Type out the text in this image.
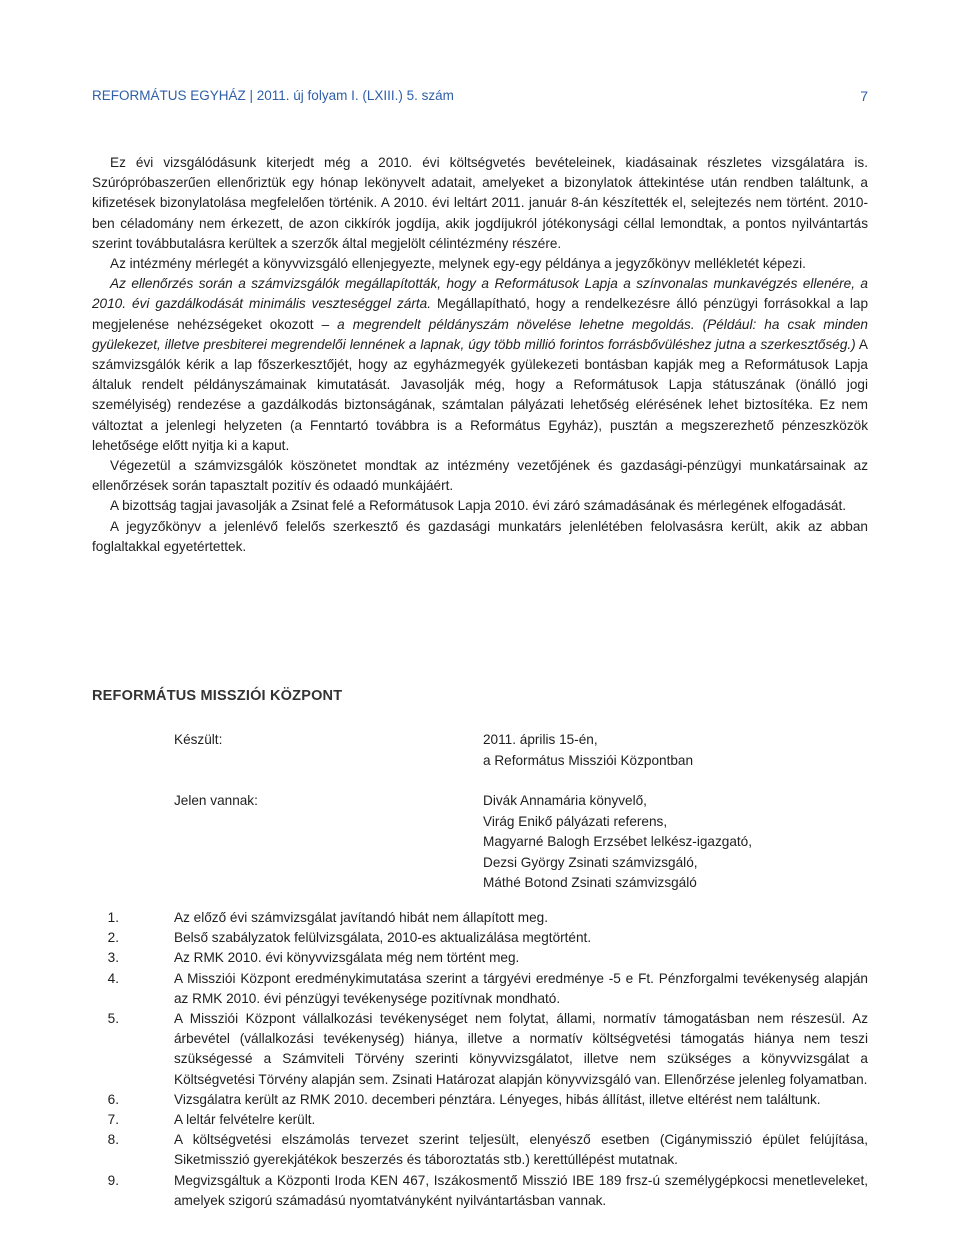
REFORMÁTUS EGYHÁZ | 2011. új folyam I. (LXIII.) 5. szám	7

Ez évi vizsgálódásunk kiterjedt még a 2010. évi költségvetés bevételeinek, kiadásainak részletes vizsgálatára is. Szúrópróbaszerűen ellenőriztük egy hónap lekönyvelt adatait, amelyeket a bizonylatok áttekintése után rendben találtunk, a kifizetések bizonylatolása megfelelően történik. A 2010. évi leltárt 2011. január 8-án készítették el, selejtezés nem történt. 2010-ben céladomány nem érkezett, de azon cikkírók jogdíja, akik jogdíjukról jótékonysági céllal lemondtak, a pontos nyilvántartás szerint továbbutalásra kerültek a szerzők által megjelölt célintézmény részére.

Az intézmény mérlegét a könyvvizsgáló ellenjegyezte, melynek egy-egy példánya a jegyzőkönyv mellékletét képezi.

Az ellenőrzés során a számvizsgálók megállapították, hogy a Reformátusok Lapja a színvonalas munkavégzés ellenére, a 2010. évi gazdálkodását minimális veszteséggel zárta. Megállapítható, hogy a rendelkezésre álló pénzügyi forrásokkal a lap megjelenése nehézségeket okozott – a megrendelt példányszám növelése lehetne megoldás. (Például: ha csak minden gyülekezet, illetve presbiterei megrendelői lennének a lapnak, úgy több millió forintos forrásbővüléshez jutna a szerkesztőség.) A számvizsgálók kérik a lap főszerkesztőjét, hogy az egyházmegyék gyülekezeti bontásban kapják meg a Reformátusok Lapja általuk rendelt példányszámainak kimutatását. Javasolják még, hogy a Reformátusok Lapja státuszának (önálló jogi személyiség) rendezése a gazdálkodás biztonságának, számtalan pályázati lehetőség elérésének lehet biztosítéka. Ez nem változtat a jelenlegi helyzeten (a Fenntartó továbbra is a Református Egyház), pusztán a megszerezhető pénzeszközök lehetősége előtt nyitja ki a kaput.

Végezetül a számvizsgálók köszönetet mondtak az intézmény vezetőjének és gazdasági-pénzügyi munkatársainak az ellenőrzések során tapasztalt pozitív és odaadó munkájáért.

A bizottság tagjai javasolják a Zsinat felé a Reformátusok Lapja 2010. évi záró számadásának és mérlegének elfogadását.

A jegyzőkönyv a jelenlévő felelős szerkesztő és gazdasági munkatárs jelenlétében felolvasásra került, akik az abban foglaltakkal egyetértettek.

REFORMÁTUS MISSZIÓI KÖZPONT
Készült:	2011. április 15-én,
a Református Missziói Központban
Jelen vannak:	Divák Annamária könyvelő,
Virág Enikő pályázati referens,
Magyarné Balogh Erzsébet lelkész-igazgató,
Dezsi György Zsinati számvizsgáló,
Máthé Botond Zsinati számvizsgáló
1.	Az előző évi számvizsgálat javítandó hibát nem állapított meg.
2.	Belső szabályzatok felülvizsgálata, 2010-es aktualizálása megtörtént.
3.	Az RMK 2010. évi könyvvizsgálata még nem történt meg.
4.	A Missziói Központ eredménykimutatása szerint a tárgyévi eredménye -5 e Ft. Pénzforgalmi tevékenység alapján az RMK 2010. évi pénzügyi tevékenysége pozitívnak mondható.
5.	A Missziói Központ vállalkozási tevékenységet nem folytat, állami, normatív támogatásban nem részesül. Az árbevétel (vállalkozási tevékenység) hiánya, illetve a normatív költségvetési támogatás hiánya nem teszi szükségessé a Számviteli Törvény szerinti könyvvizsgálatot, illetve nem szükséges a könyvvizsgálat a Költségvetési Törvény alapján sem. Zsinati Határozat alapján könyvvizsgáló van. Ellenőrzése jelenleg folyamatban.
6.	Vizsgálatra került az RMK 2010. decemberi pénztára. Lényeges, hibás állítást, illetve eltérést nem találtunk.
7.	A leltár felvételre került.
8.	A költségvetési elszámolás tervezet szerint teljesült, elenyésző esetben (Cigánymisszió épület felújítása, Siketmisszió gyerekjátékok beszerzés és táboroztatás stb.) kerettúllépést mutatnak.
9.	Megvizsgáltuk a Központi Iroda KEN 467, Iszákosmentő Misszió IBE 189 frsz-ú személygépkocsi menetleveleket, amelyek szigorú számadású nyomtatványként nyilvántartásban vannak.
